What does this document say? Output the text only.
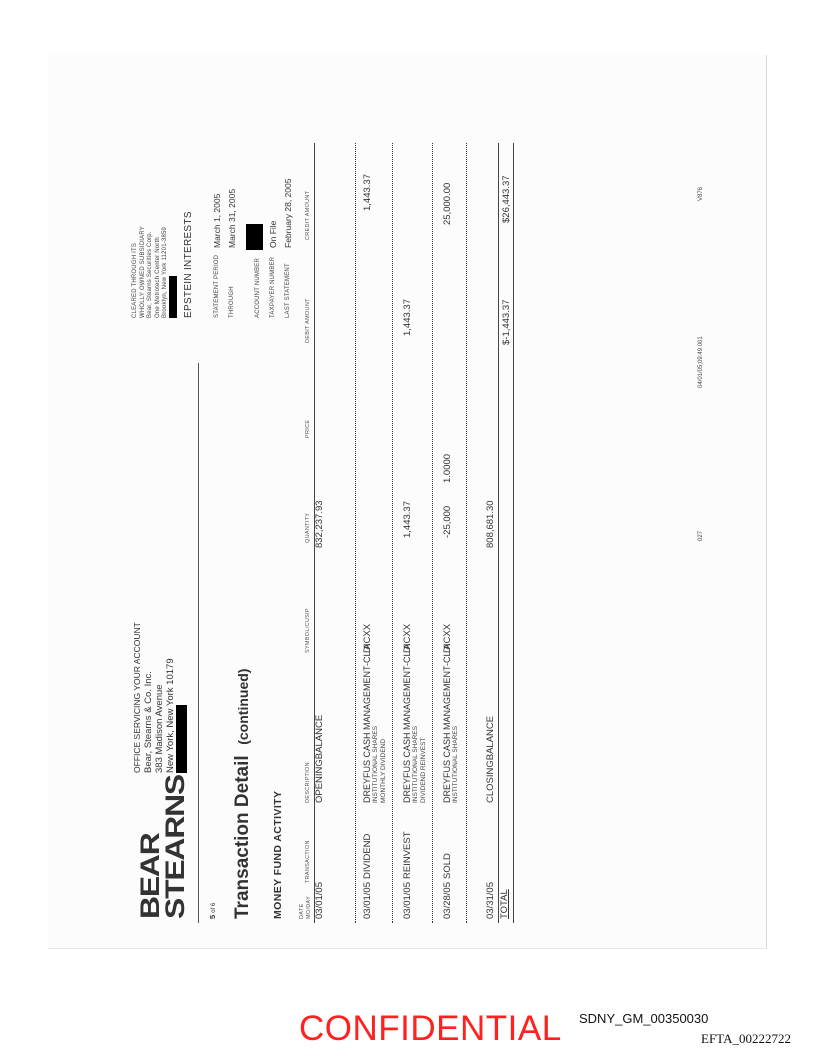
BEAR
STEARNS
OFFICE SERVICING YOUR ACCOUNT Bear, Stearns & Co. Inc. 383 Madison Avenue New York, New York 10179
CLEARED THROUGH ITS WHOLLY OWNED SUBSIDIARY Bear, Stearns Securities Corp. One Metrotech Center North Brooklyn, New York 11201-3859 EPSTEIN INTERESTS
5 of 6 Transaction Detail  (continued)
STATEMENT PERIOD
March 1, 2005
THROUGH
March 31, 2005
ACCOUNT NUMBER TAXPAYER NUMBER
On File
LAST STATEMENT
February 28, 2005
MONEY FUND ACTIVITY	DATE MO/DAY
TRANSACTION
DESCRIPTION
SYMBOL/CUSIP
QUANTITY
PRICE
DEBIT AMOUNT
CREDIT AMOUNT
03/01/05
OPENINGBALANCE
832,237.93
03/01/05
DIVIDEND
DREYFUS CASH MANAGEMENT-CL A INSTITUTIONAL SHARES MONTHLY DIVIDEND
DICXX
1,443.37
03/01/05
REINVEST
DREYFUS CASH MANAGEMENT-CL A INSTITUTIONAL SHARES DIVIDEND REINVEST
DICXX
1,443.37
1,443.37
03/28/05
SOLD
DREYFUS CASH MANAGEMENT-CL A INSTITUTIONAL SHARES
DICXX
-25,000
1.0000
25,000.00
03/31/05
CLOSINGBALANCE
808,681.30
TOTAL
$-1,443.37
$26,443.37
027
04/01/05;09:49 001
V876
CONFIDENTIAL SDNY_GM_00350030
EFTA_00222722
